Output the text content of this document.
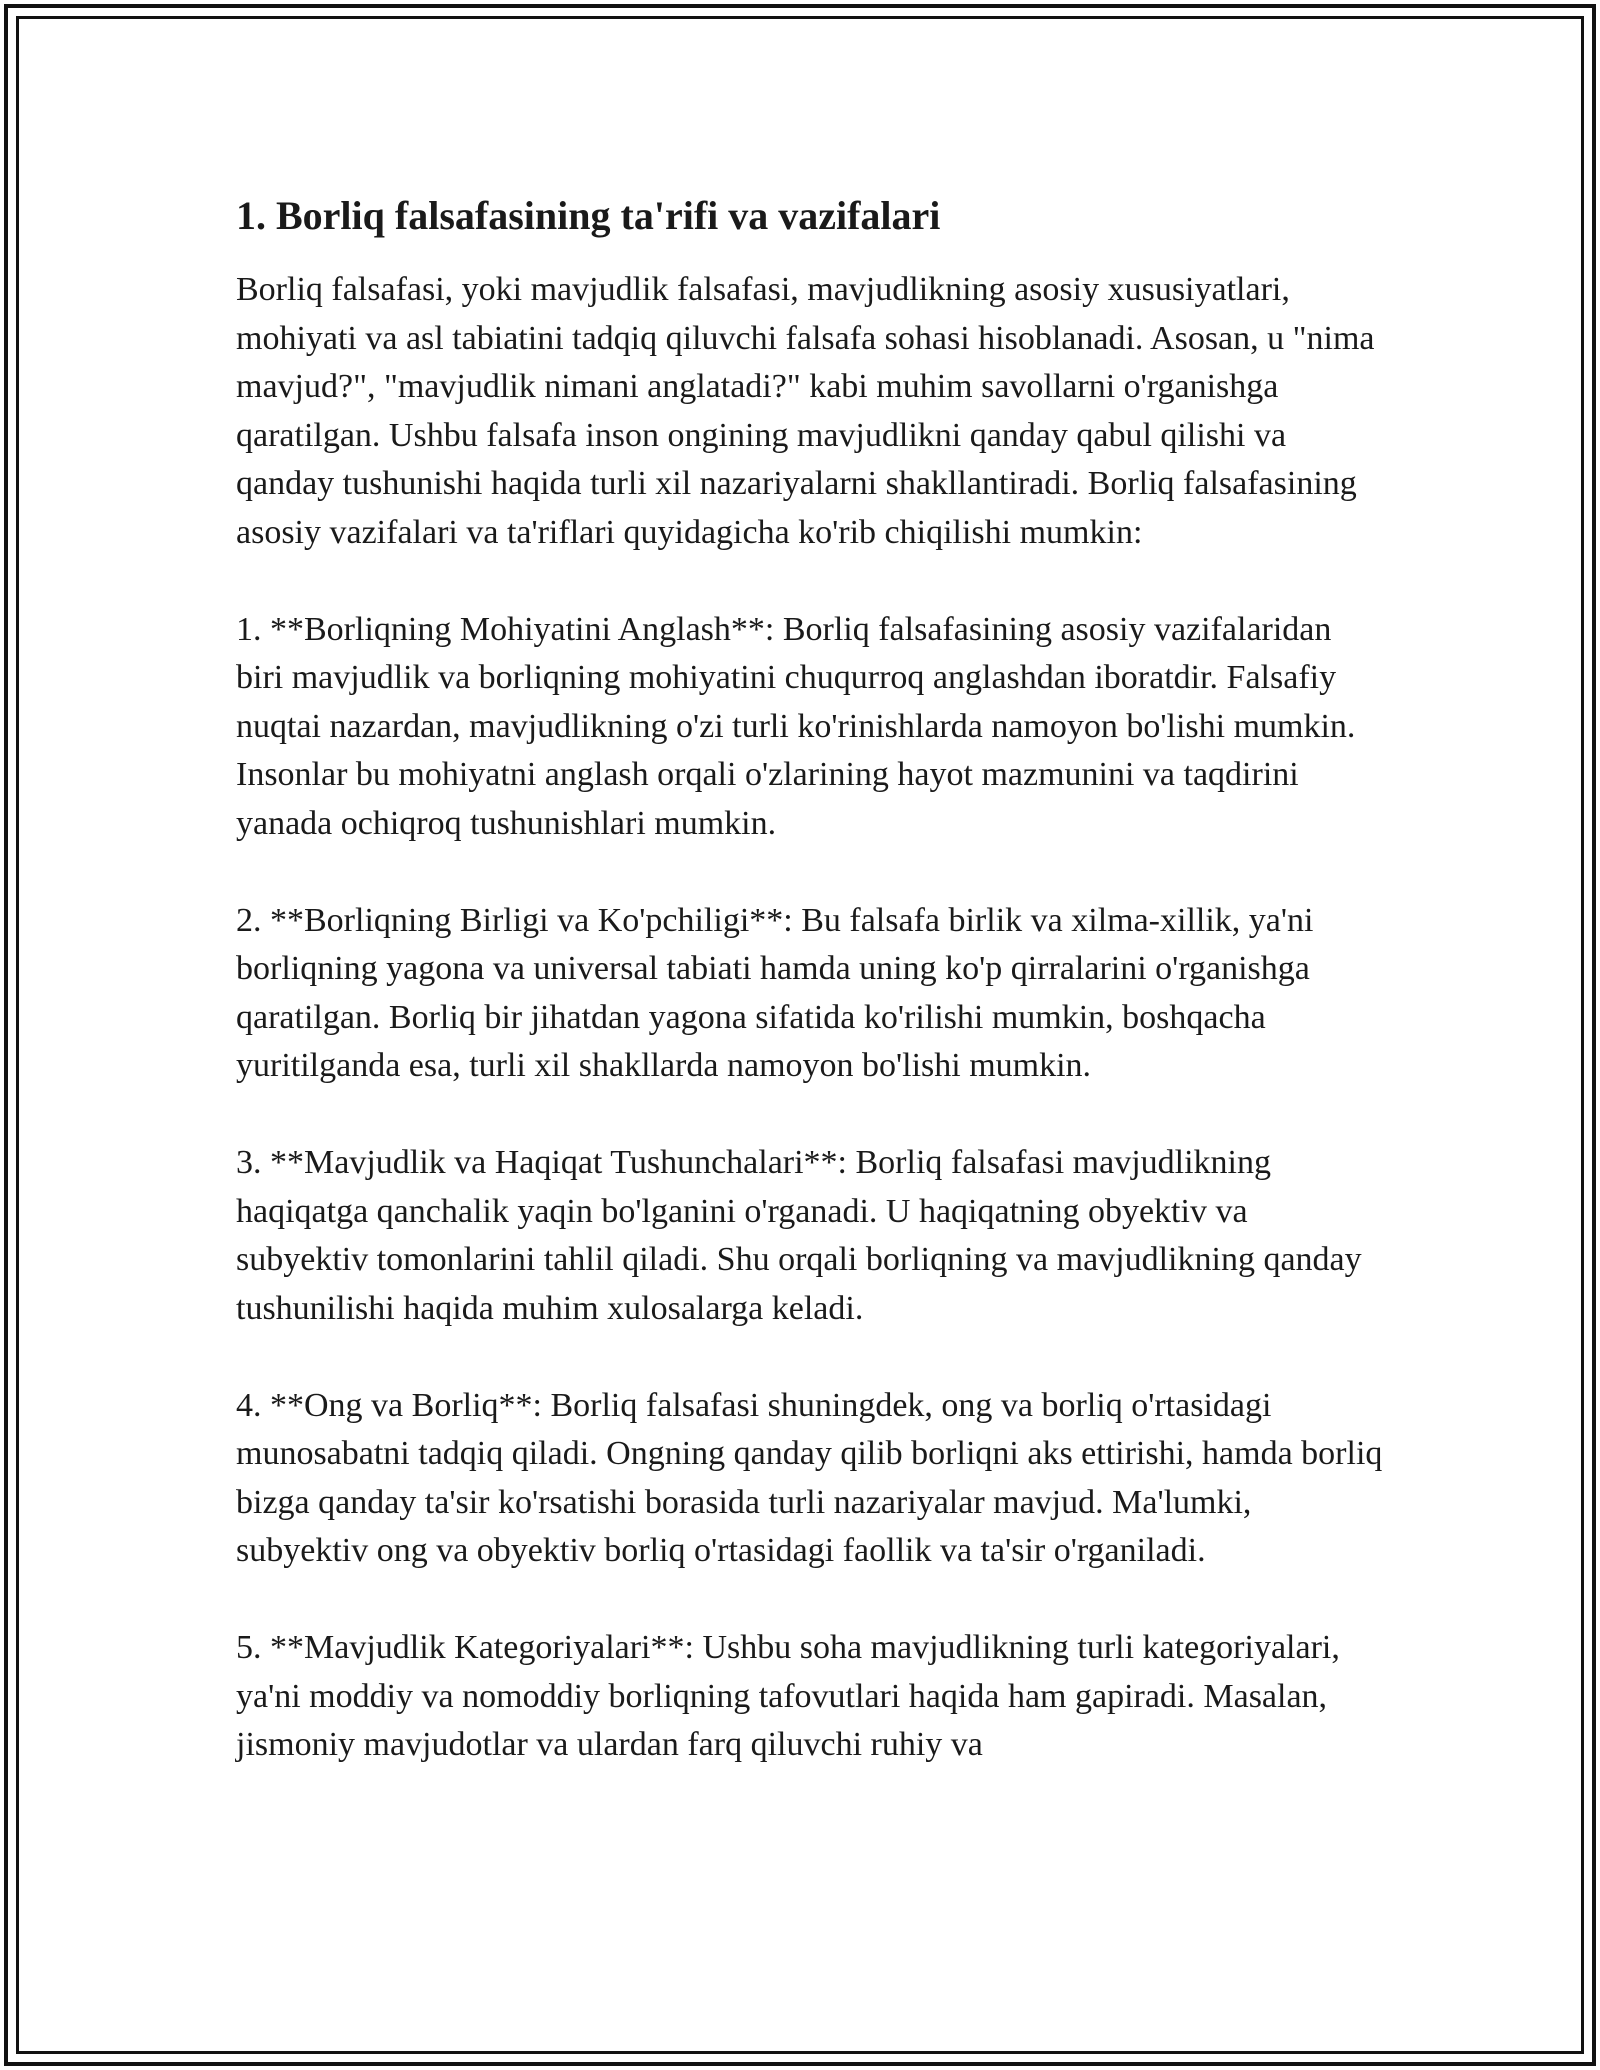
1. Borliq falsafasining ta'rifi va vazifalari

Borliq falsafasi, yoki mavjudlik falsafasi, mavjudlikning asosiy xususiyatlari, mohiyati va asl tabiatini tadqiq qiluvchi falsafa sohasi hisoblanadi. Asosan, u "nima mavjud?", "mavjudlik nimani anglatadi?" kabi muhim savollarni o'rganishga qaratilgan. Ushbu falsafa inson ongining mavjudlikni qanday qabul qilishi va qanday tushunishi haqida turli xil nazariyalarni shakllantiradi. Borliq falsafasining asosiy vazifalari va ta'riflari quyidagicha ko'rib chiqilishi mumkin:

1. **Borliqning Mohiyatini Anglash**: Borliq falsafasining asosiy vazifalaridan biri mavjudlik va borliqning mohiyatini chuqurroq anglashdan iboratdir. Falsafiy nuqtai nazardan, mavjudlikning o'zi turli ko'rinishlarda namoyon bo'lishi mumkin. Insonlar bu mohiyatni anglash orqali o'zlarining hayot mazmunini va taqdirini yanada ochiqroq tushunishlari mumkin.

2. **Borliqning Birligi va Ko'pchiligi**: Bu falsafa birlik va xilma-xillik, ya'ni borliqning yagona va universal tabiati hamda uning ko'p qirralarini o'rganishga qaratilgan. Borliq bir jihatdan yagona sifatida ko'rilishi mumkin, boshqacha yuritilganda esa, turli xil shakllarda namoyon bo'lishi mumkin.

3. **Mavjudlik va Haqiqat Tushunchalari**: Borliq falsafasi mavjudlikning haqiqatga qanchalik yaqin bo'lganini o'rganadi. U haqiqatning obyektiv va subyektiv tomonlarini tahlil qiladi. Shu orqali borliqning va mavjudlikning qanday tushunilishi haqida muhim xulosalarga keladi.

4. **Ong va Borliq**: Borliq falsafasi shuningdek, ong va borliq o'rtasidagi munosabatni tadqiq qiladi. Ongning qanday qilib borliqni aks ettirishi, hamda borliq bizga qanday ta'sir ko'rsatishi borasida turli nazariyalar mavjud. Ma'lumki, subyektiv ong va obyektiv borliq o'rtasidagi faollik va ta'sir o'rganiladi.

5. **Mavjudlik Kategoriyalari**: Ushbu soha mavjudlikning turli kategoriyalari, ya'ni moddiy va nomoddiy borliqning tafovutlari haqida ham gapiradi. Masalan, jismoniy mavjudotlar va ulardan farq qiluvchi ruhiy va
